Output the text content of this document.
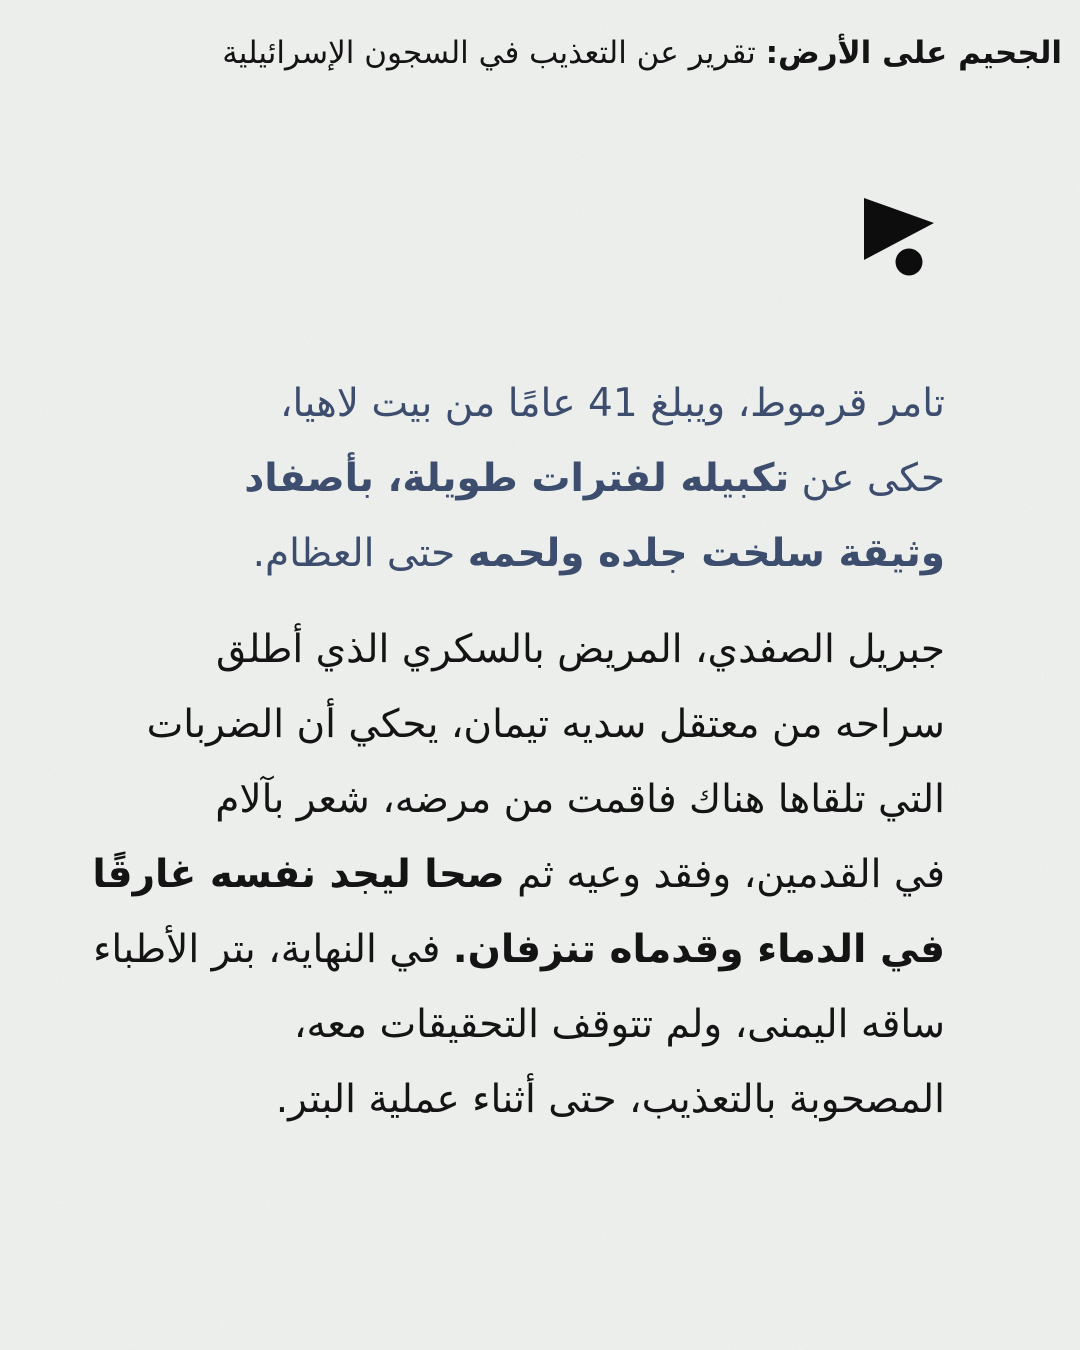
الجحيم على الأرض: تقرير عن التعذيب في السجون الإسرائيلية
تامر قرموط، ويبلغ 41 عامًا من بيت لاهيا،
حكى عن تكبيله لفترات طويلة، بأصفاد
وثيقة سلخت جلده ولحمه حتى العظام.
جبريل الصفدي، المريض بالسكري الذي أطلق
سراحه من معتقل سديه تيمان، يحكي أن الضربات
التي تلقاها هناك فاقمت من مرضه، شعر بآلام
في القدمين، وفقد وعيه ثم صحا ليجد نفسه غارقًا
في الدماء وقدماه تنزفان. في النهاية، بتر الأطباء
ساقه اليمنى، ولم تتوقف التحقيقات معه،
المصحوبة بالتعذيب، حتى أثناء عملية البتر.
